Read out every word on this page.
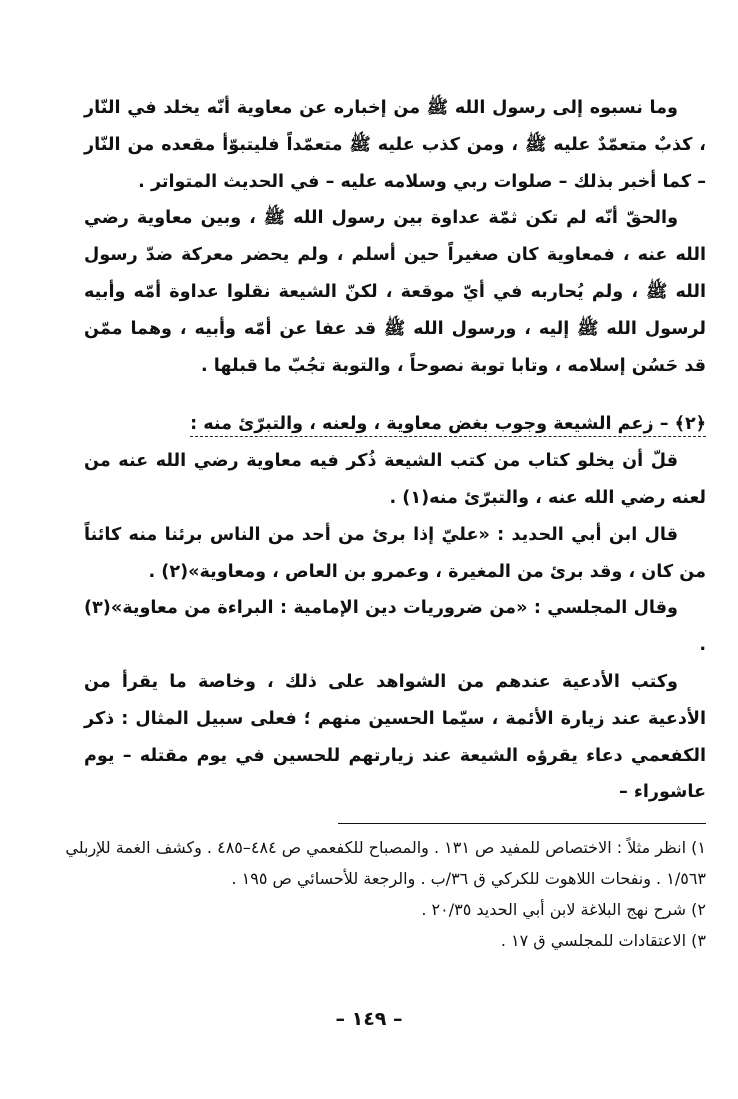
وما نسبوه إلى رسول الله ﷺ من إخباره عن معاوية أنّه يخلد في النّار ، كذبٌ متعمّدٌ عليه ﷺ ، ومن كذب عليه ﷺ متعمّداً فليتبوّأ مقعده من النّار – كما أخبر بذلك – صلوات ربي وسلامه عليه – في الحديث المتواتر .

والحقّ أنّه لم تكن ثمّة عداوة بين رسول الله ﷺ ، وبين معاوية رضي الله عنه ، فمعاوية كان صغيراً حين أسلم ، ولم يحضر معركة ضدّ رسول الله ﷺ ، ولم يُحاربه في أيّ موقعة ، لكنّ الشيعة نقلوا عداوة أمّه وأبيه لرسول الله ﷺ إليه ، ورسول الله ﷺ قد عفا عن أمّه وأبيه ، وهما ممّن قد حَسُن إسلامه ، وتابا توبة نصوحاً ، والتوبة تجُبّ ما قبلها .

﴿٢﴾ – زعم الشيعة وجوب بغض معاوية ، ولعنه ، والتبرّئ منه :

قلّ أن يخلو كتاب من كتب الشيعة ذُكر فيه معاوية رضي الله عنه من لعنه رضي الله عنه ، والتبرّئ منه(١) .

قال ابن أبي الحديد : «عليّ إذا برئ من أحد من الناس برئنا منه كائناً من كان ، وقد برئ من المغيرة ، وعمرو بن العاص ، ومعاوية»(٢) .

وقال المجلسي : «من ضروريات دين الإمامية : البراءة من معاوية»(٣) .

وكتب الأدعية عندهم من الشواهد على ذلك ، وخاصة ما يقرأ من الأدعية عند زيارة الأئمة ، سيّما الحسين منهم ؛ فعلى سبيل المثال : ذكر الكفعمي دعاء يقرؤه الشيعة عند زيارتهم للحسين في يوم مقتله – يوم عاشوراء –

١) انظر مثلاً : الاختصاص للمفيد ص ١٣١ . والمصباح للكفعمي ص ٤٨٤–٤٨٥ . وكشف الغمة للإربلي ١/٥٦٣ . ونفحات اللاهوت للكركي ق ٣٦/ب . والرجعة للأحسائي ص ١٩٥ .

٢) شرح نهج البلاغة لابن أبي الحديد ٢٠/٣٥ .

٣) الاعتقادات للمجلسي ق ١٧ .

– ١٤٩ –
